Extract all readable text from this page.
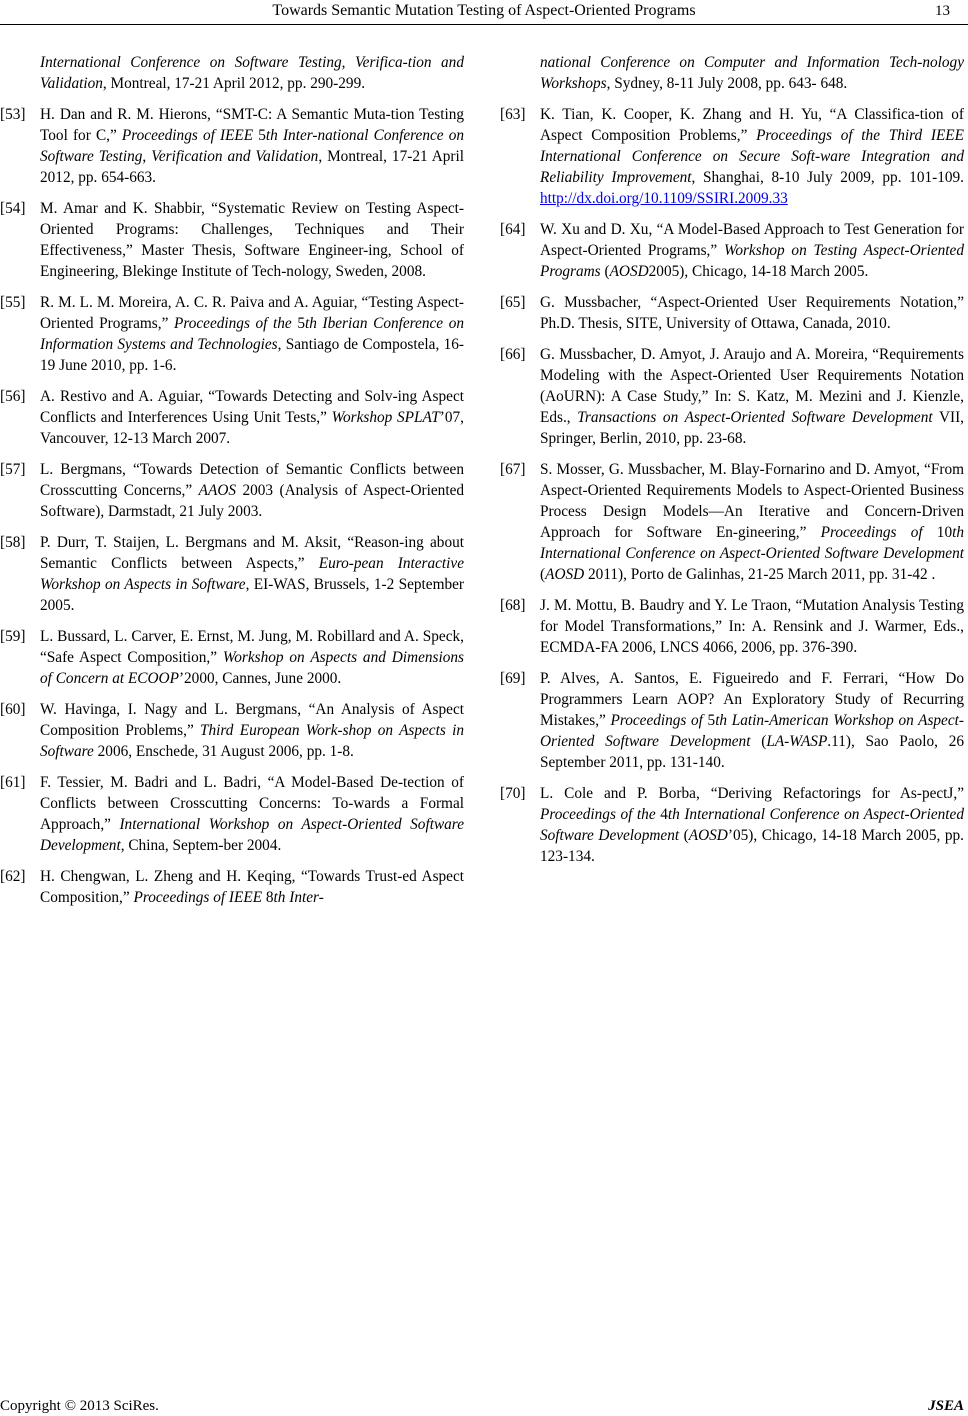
Towards Semantic Mutation Testing of Aspect-Oriented Programs	13
International Conference on Software Testing, Verifica-tion and Validation, Montreal, 17-21 April 2012, pp. 290-299.
[53] H. Dan and R. M. Hierons, “SMT-C: A Semantic Muta-tion Testing Tool for C,” Proceedings of IEEE 5th Inter-national Conference on Software Testing, Verification and Validation, Montreal, 17-21 April 2012, pp. 654-663.
[54] M. Amar and K. Shabbir, “Systematic Review on Testing Aspect-Oriented Programs: Challenges, Techniques and Their Effectiveness,” Master Thesis, Software Engineer-ing, School of Engineering, Blekinge Institute of Tech-nology, Sweden, 2008.
[55] R. M. L. M. Moreira, A. C. R. Paiva and A. Aguiar, “Testing Aspect-Oriented Programs,” Proceedings of the 5th Iberian Conference on Information Systems and Technologies, Santiago de Compostela, 16-19 June 2010, pp. 1-6.
[56] A. Restivo and A. Aguiar, “Towards Detecting and Solv-ing Aspect Conflicts and Interferences Using Unit Tests,” Workshop SPLAT’07, Vancouver, 12-13 March 2007.
[57] L. Bergmans, “Towards Detection of Semantic Conflicts between Crosscutting Concerns,” AAOS 2003 (Analysis of Aspect-Oriented Software), Darmstadt, 21 July 2003.
[58] P. Durr, T. Staijen, L. Bergmans and M. Aksit, “Reason-ing about Semantic Conflicts between Aspects,” Euro-pean Interactive Workshop on Aspects in Software, EI-WAS, Brussels, 1-2 September 2005.
[59] L. Bussard, L. Carver, E. Ernst, M. Jung, M. Robillard and A. Speck, “Safe Aspect Composition,” Workshop on Aspects and Dimensions of Concern at ECOOP’2000, Cannes, June 2000.
[60] W. Havinga, I. Nagy and L. Bergmans, “An Analysis of Aspect Composition Problems,” Third European Work-shop on Aspects in Software 2006, Enschede, 31 August 2006, pp. 1-8.
[61] F. Tessier, M. Badri and L. Badri, “A Model-Based De-tection of Conflicts between Crosscutting Concerns: To-wards a Formal Approach,” International Workshop on Aspect-Oriented Software Development, China, Septem-ber 2004.
[62] H. Chengwan, L. Zheng and H. Keqing, “Towards Trust-ed Aspect Composition,” Proceedings of IEEE 8th Inter-
national Conference on Computer and Information Tech-nology Workshops, Sydney, 8-11 July 2008, pp. 643- 648.
[63] K. Tian, K. Cooper, K. Zhang and H. Yu, “A Classifica-tion of Aspect Composition Problems,” Proceedings of the Third IEEE International Conference on Secure Soft-ware Integration and Reliability Improvement, Shanghai, 8-10 July 2009, pp. 101-109. http://dx.doi.org/10.1109/SSIRI.2009.33
[64] W. Xu and D. Xu, “A Model-Based Approach to Test Generation for Aspect-Oriented Programs,” Workshop on Testing Aspect-Oriented Programs (AOSD2005), Chicago, 14-18 March 2005.
[65] G. Mussbacher, “Aspect-Oriented User Requirements Notation,” Ph.D. Thesis, SITE, University of Ottawa, Canada, 2010.
[66] G. Mussbacher, D. Amyot, J. Araujo and A. Moreira, “Requirements Modeling with the Aspect-Oriented User Requirements Notation (AoURN): A Case Study,” In: S. Katz, M. Mezini and J. Kienzle, Eds., Transactions on Aspect-Oriented Software Development VII, Springer, Berlin, 2010, pp. 23-68.
[67] S. Mosser, G. Mussbacher, M. Blay-Fornarino and D. Amyot, “From Aspect-Oriented Requirements Models to Aspect-Oriented Business Process Design Models—An Iterative and Concern-Driven Approach for Software En-gineering,” Proceedings of 10th International Conference on Aspect-Oriented Software Development (AOSD 2011), Porto de Galinhas, 21-25 March 2011, pp. 31-42 .
[68] J. M. Mottu, B. Baudry and Y. Le Traon, “Mutation Analysis Testing for Model Transformations,” In: A. Rensink and J. Warmer, Eds., ECMDA-FA 2006, LNCS 4066, 2006, pp. 376-390.
[69] P. Alves, A. Santos, E. Figueiredo and F. Ferrari, “How Do Programmers Learn AOP? An Exploratory Study of Recurring Mistakes,” Proceedings of 5th Latin-American Workshop on Aspect-Oriented Software Development (LA-WASP.11), Sao Paolo, 26 September 2011, pp. 131-140.
[70] L. Cole and P. Borba, “Deriving Refactorings for As-pectJ,” Proceedings of the 4th International Conference on Aspect-Oriented Software Development (AOSD’05), Chicago, 14-18 March 2005, pp. 123-134.
Copyright © 2013 SciRes.	JSEA
